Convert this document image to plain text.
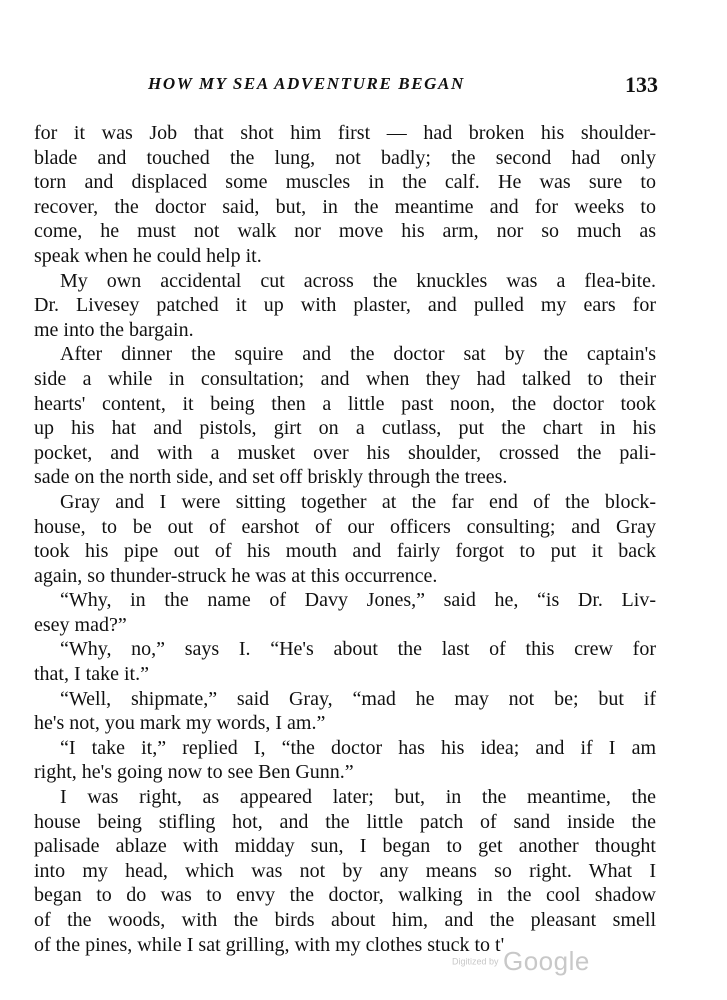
HOW MY SEA ADVENTURE BEGAN	133
for it was Job that shot him first — had broken his shoulder-
blade and touched the lung, not badly; the second had only
torn and displaced some muscles in the calf. He was sure to
recover, the doctor said, but, in the meantime and for weeks to
come, he must not walk nor move his arm, nor so much as
speak when he could help it.
My own accidental cut across the knuckles was a flea-bite.
Dr. Livesey patched it up with plaster, and pulled my ears for
me into the bargain.
After dinner the squire and the doctor sat by the captain's
side a while in consultation; and when they had talked to their
hearts' content, it being then a little past noon, the doctor took
up his hat and pistols, girt on a cutlass, put the chart in his
pocket, and with a musket over his shoulder, crossed the pali-
sade on the north side, and set off briskly through the trees.
Gray and I were sitting together at the far end of the block-
house, to be out of earshot of our officers consulting; and Gray
took his pipe out of his mouth and fairly forgot to put it back
again, so thunder-struck he was at this occurrence.
“Why, in the name of Davy Jones,” said he, “is Dr. Liv-
esey mad?”
“Why, no,” says I. “He's about the last of this crew for
that, I take it.”
“Well, shipmate,” said Gray, “mad he may not be; but if
he's not, you mark my words, I am.”
“I take it,” replied I, “the doctor has his idea; and if I am
right, he's going now to see Ben Gunn.”
I was right, as appeared later; but, in the meantime, the
house being stifling hot, and the little patch of sand inside the
palisade ablaze with midday sun, I began to get another thought
into my head, which was not by any means so right. What I
began to do was to envy the doctor, walking in the cool shadow
of the woods, with the birds about him, and the pleasant smell
of the pines, while I sat grilling, with my clothes stuck to t'
Digitized by Google
